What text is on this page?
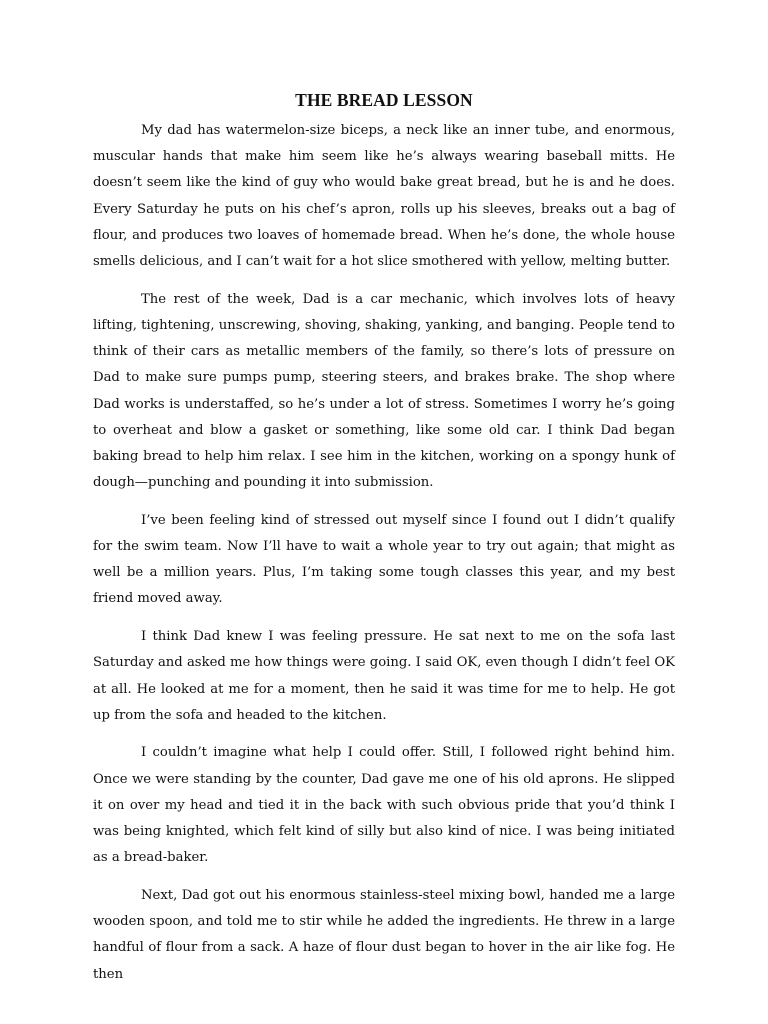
THE BREAD LESSON

My dad has watermelon-size biceps, a neck like an inner tube, and enormous, muscular hands that make him seem like he’s always wearing baseball mitts. He doesn’t seem like the kind of guy who would bake great bread, but he is and he does. Every Saturday he puts on his chef’s apron, rolls up his sleeves, breaks out a bag of flour, and produces two loaves of homemade bread. When he’s done, the whole house smells delicious, and I can’t wait for a hot slice smothered with yellow, melting butter.

The rest of the week, Dad is a car mechanic, which involves lots of heavy lifting, tightening, unscrewing, shoving, shaking, yanking, and banging. People tend to think of their cars as metallic members of the family, so there’s lots of pressure on Dad to make sure pumps pump, steering steers, and brakes brake. The shop where Dad works is understaffed, so he’s under a lot of stress. Sometimes I worry he’s going to overheat and blow a gasket or something, like some old car. I think Dad began baking bread to help him relax. I see him in the kitchen, working on a spongy hunk of dough—punching and pounding it into submission.

I’ve been feeling kind of stressed out myself since I found out I didn’t qualify for the swim team. Now I’ll have to wait a whole year to try out again; that might as well be a million years. Plus, I’m taking some tough classes this year, and my best friend moved away.

I think Dad knew I was feeling pressure. He sat next to me on the sofa last Saturday and asked me how things were going. I said OK, even though I didn’t feel OK at all. He looked at me for a moment, then he said it was time for me to help. He got up from the sofa and headed to the kitchen.

I couldn’t imagine what help I could offer. Still, I followed right behind him. Once we were standing by the counter, Dad gave me one of his old aprons. He slipped it on over my head and tied it in the back with such obvious pride that you’d think I was being knighted, which felt kind of silly but also kind of nice. I was being initiated as a bread-baker.

Next, Dad got out his enormous stainless-steel mixing bowl, handed me a large wooden spoon, and told me to stir while he added the ingredients. He threw in a large handful of flour from a sack. A haze of flour dust began to hover in the air like fog. He then
